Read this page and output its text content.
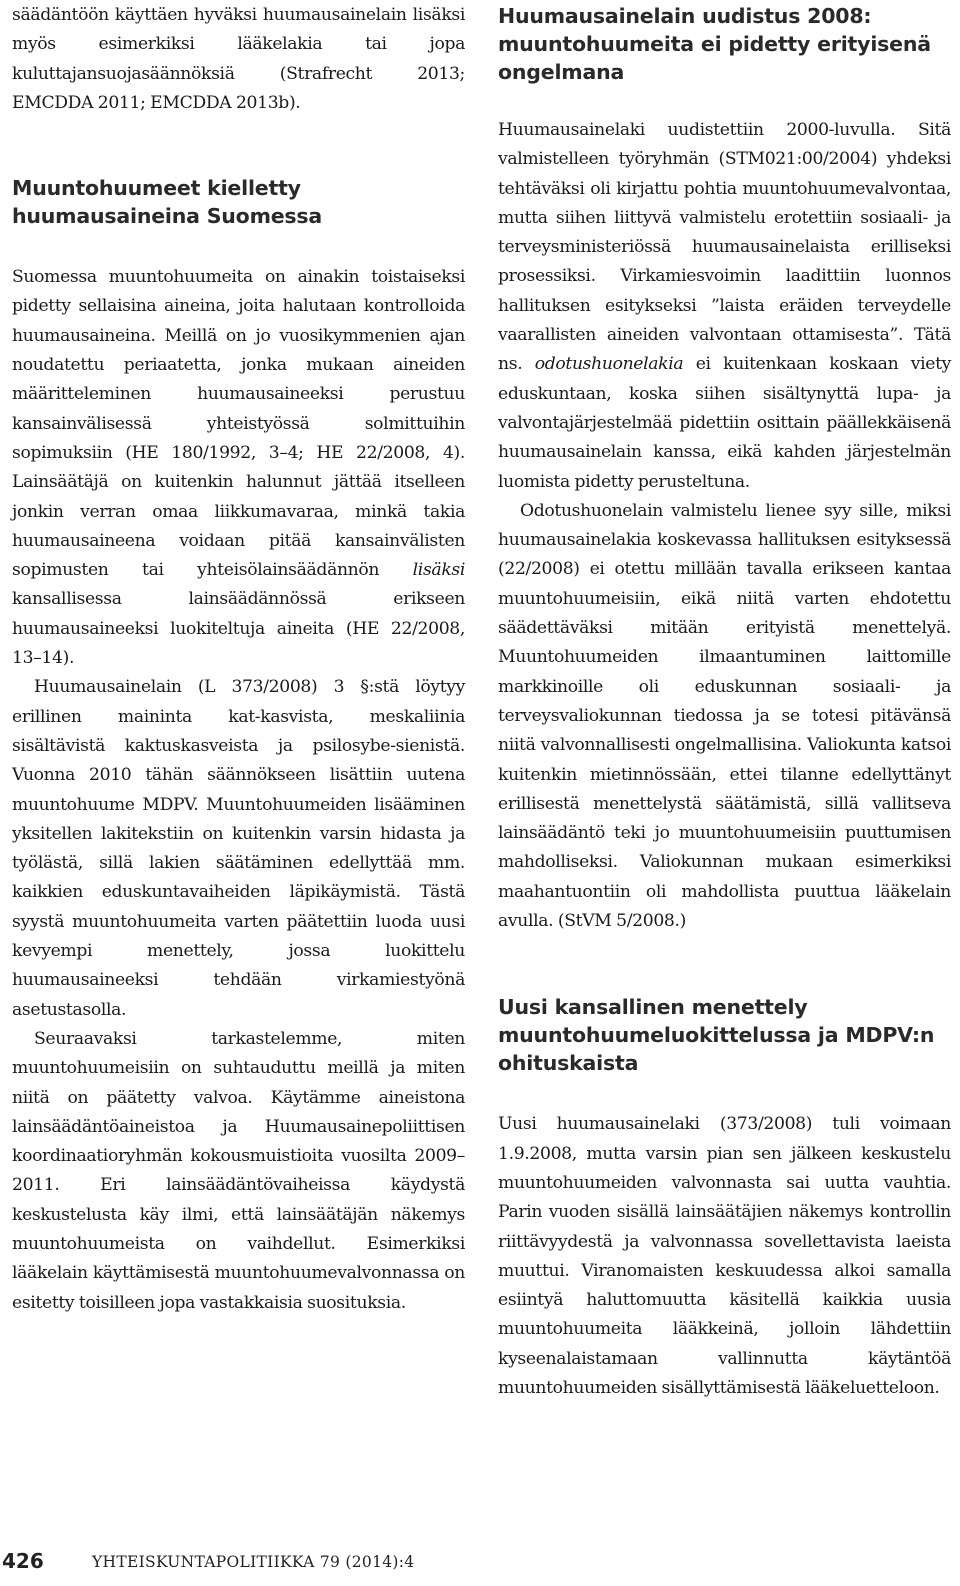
säädäntöön käyttäen hyväksi huumausainelain lisäksi myös esimerkiksi lääkelakia tai jopa kuluttajansuojasäännöksiä (Strafrecht 2013; EMCDDA 2011; EMCDDA 2013b).

Muuntohuumeet kielletty huumausaineina Suomessa

Suomessa muuntohuumeita on ainakin toistaiseksi pidetty sellaisina aineina, joita halutaan kontrolloida huumausaineina. Meillä on jo vuosikymmenien ajan noudatettu periaatetta, jonka mukaan aineiden määritteleminen huumausaineeksi perustuu kansainvälisessä yhteistyössä solmittuihin sopimuksiin (HE 180/1992, 3–4; HE 22/2008, 4). Lainsäätäjä on kuitenkin halunnut jättää itselleen jonkin verran omaa liikkumavaraa, minkä takia huumausaineena voidaan pitää kansainvälisten sopimusten tai yhteisölainsäädännön lisäksi kansallisessa lainsäädännössä erikseen huumausaineeksi luokiteltuja aineita (HE 22/2008, 13–14).

Huumausainelain (L 373/2008) 3 §:stä löytyy erillinen maininta kat-kasvista, meskaliinia sisältävistä kaktuskasveista ja psilosybe-sienistä. Vuonna 2010 tähän säännökseen lisättiin uutena muuntohuume MDPV. Muuntohuumeiden lisääminen yksitellen lakitekstiin on kuitenkin varsin hidasta ja työlästä, sillä lakien säätäminen edellyttää mm. kaikkien eduskuntavaiheiden läpikäymistä. Tästä syystä muuntohuumeita varten päätettiin luoda uusi kevyempi menettely, jossa luokittelu huumausaineeksi tehdään virkamiestyönä asetustasolla.

Seuraavaksi tarkastelemme, miten muuntohuumeisiin on suhtauduttu meillä ja miten niitä on päätetty valvoa. Käytämme aineistona lainsäädäntöaineistoa ja Huumausainepoliittisen koordinaatioryhmän kokousmuistioita vuosilta 2009–2011. Eri lainsäädäntövaiheissa käydystä keskustelusta käy ilmi, että lainsäätäjän näkemys muuntohuumeista on vaihdellut. Esimerkiksi lääkelain käyttämisestä muuntohuumevalvonnassa on esitetty toisilleen jopa vastakkaisia suosituksia.

Huumausainelain uudistus 2008: muuntohuumeita ei pidetty erityisenä ongelmana

Huumausainelaki uudistettiin 2000-luvulla. Sitä valmistelleen työryhmän (STM021:00/2004) yhdeksi tehtäväksi oli kirjattu pohtia muuntohuumevalvontaa, mutta siihen liittyvä valmistelu erotettiin sosiaali- ja terveysministeriössä huumausainelaista erilliseksi prosessiksi. Virkamiesvoimin laadittiin luonnos hallituksen esitykseksi ”laista eräiden terveydelle vaarallisten aineiden valvontaan ottamisesta”. Tätä ns. odotushuonelakia ei kuitenkaan koskaan viety eduskuntaan, koska siihen sisältynyttä lupa- ja valvontajärjestelmää pidettiin osittain päällekkäisenä huumausainelain kanssa, eikä kahden järjestelmän luomista pidetty perusteltuna.

Odotushuonelain valmistelu lienee syy sille, miksi huumausainelakia koskevassa hallituksen esityksessä (22/2008) ei otettu millään tavalla erikseen kantaa muuntohuumeisiin, eikä niitä varten ehdotettu säädettäväksi mitään erityistä menettelyä. Muuntohuumeiden ilmaantuminen laittomille markkinoille oli eduskunnan sosiaali- ja terveysvaliokunnan tiedossa ja se totesi pitävänsä niitä valvonnallisesti ongelmallisina. Valiokunta katsoi kuitenkin mietinnössään, ettei tilanne edellyttänyt erillisestä menettelystä säätämistä, sillä vallitseva lainsäädäntö teki jo muuntohuumeisiin puuttumisen mahdolliseksi. Valiokunnan mukaan esimerkiksi maahantuontiin oli mahdollista puuttua lääkelain avulla. (StVM 5/2008.)

Uusi kansallinen menettely muuntohuumeluokittelussa ja MDPV:n ohituskaista

Uusi huumausainelaki (373/2008) tuli voimaan 1.9.2008, mutta varsin pian sen jälkeen keskustelu muuntohuumeiden valvonnasta sai uutta vauhtia. Parin vuoden sisällä lainsäätäjien näkemys kontrollin riittävyydestä ja valvonnassa sovellettavista laeista muuttui. Viranomaisten keskuudessa alkoi samalla esiintyä haluttomuutta käsitellä kaikkia uusia muuntohuumeita lääkkeinä, jolloin lähdettiin kyseenalaistamaan vallinnutta käytäntöä muuntohuumeiden sisällyttämisestä lääkeluetteloon.

426	YHTEISKUNTAPOLITIIKKA 79 (2014):4
